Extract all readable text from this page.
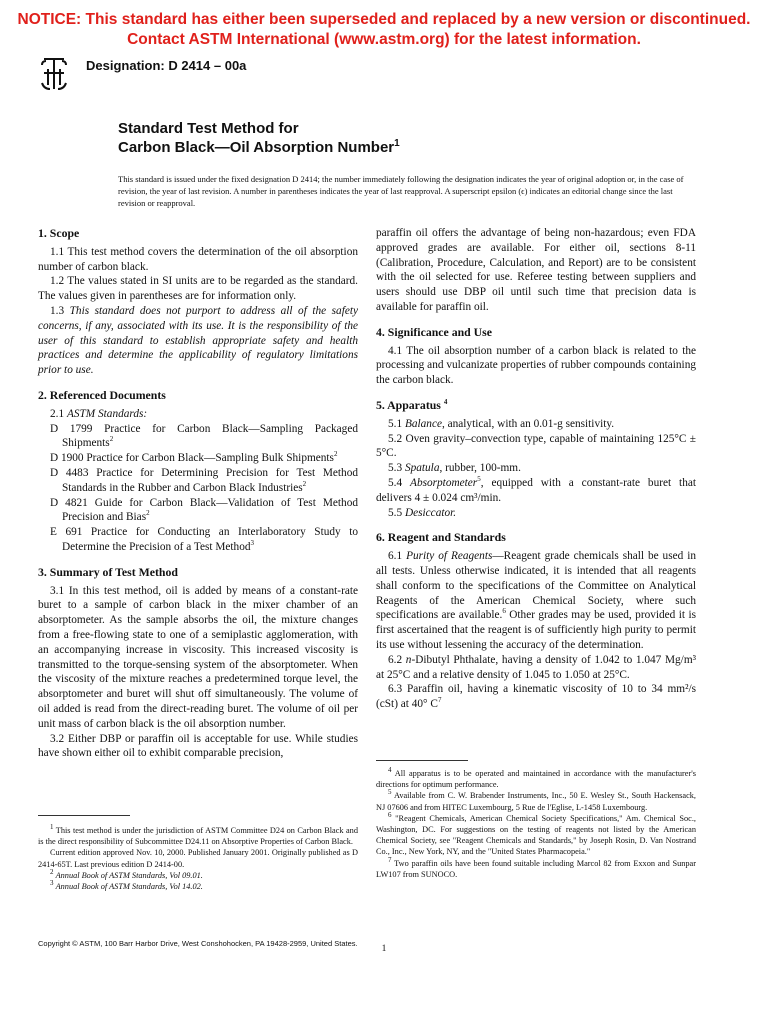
NOTICE: This standard has either been superseded and replaced by a new version or discontinued.
Contact ASTM International (www.astm.org) for the latest information.
Designation: D 2414 – 00a
Standard Test Method for
Carbon Black—Oil Absorption Number$^1$
This standard is issued under the fixed designation D 2414; the number immediately following the designation indicates the year of original adoption or, in the case of revision, the year of last revision. A number in parentheses indicates the year of last reapproval. A superscript epsilon (ϵ) indicates an editorial change since the last revision or reapproval.

1. Scope

1.1 This test method covers the determination of the oil absorption number of carbon black.

1.2 The values stated in SI units are to be regarded as the standard. The values given in parentheses are for information only.

1.3 This standard does not purport to address all of the safety concerns, if any, associated with its use. It is the responsibility of the user of this standard to establish appropriate safety and health practices and determine the applicability of regulatory limitations prior to use.

2. Referenced Documents

2.1 ASTM Standards:

D 1799 Practice for Carbon Black—Sampling Packaged Shipments$^2$

D 1900 Practice for Carbon Black—Sampling Bulk Shipments$^2$

D 4483 Practice for Determining Precision for Test Method Standards in the Rubber and Carbon Black Industries$^2$

D 4821 Guide for Carbon Black—Validation of Test Method Precision and Bias$^2$

E 691 Practice for Conducting an Interlaboratory Study to Determine the Precision of a Test Method$^3$

3. Summary of Test Method

3.1 In this test method, oil is added by means of a constant-rate buret to a sample of carbon black in the mixer chamber of an absorptometer. As the sample absorbs the oil, the mixture changes from a free-flowing state to one of a semiplastic agglomeration, with an accompanying increase in viscosity. This increased viscosity is transmitted to the torque-sensing system of the absorptometer. When the viscosity of the mixture reaches a predetermined torque level, the absorptometer and buret will shut off simultaneously. The volume of oil added is read from the direct-reading buret. The volume of oil per unit mass of carbon black is the oil absorption number.

3.2 Either DBP or paraffin oil is acceptable for use. While studies have shown either oil to exhibit comparable precision,

$^1$ This test method is under the jurisdiction of ASTM Committee D24 on Carbon Black and is the direct responsibility of Subcommittee D24.11 on Absorptive Properties of Carbon Black.

Current edition approved Nov. 10, 2000. Published January 2001. Originally published as D 2414-65T. Last previous edition D 2414-00.

$^2$ Annual Book of ASTM Standards, Vol 09.01.

$^3$ Annual Book of ASTM Standards, Vol 14.02.

paraffin oil offers the advantage of being non-hazardous; even FDA approved grades are available. For either oil, sections 8-11 (Calibration, Procedure, Calculation, and Report) are to be consistent with the oil selected for use. Referee testing between suppliers and users should use DBP oil until such time that precision data is available for paraffin oil.

4. Significance and Use

4.1 The oil absorption number of a carbon black is related to the processing and vulcanizate properties of rubber compounds containing the carbon black.

5. Apparatus $^4$

5.1 Balance, analytical, with an 0.01-g sensitivity.

5.2 Oven gravity–convection type, capable of maintaining 125°C ± 5°C.

5.3 Spatula, rubber, 100-mm.

5.4 Absorptometer$^5$, equipped with a constant-rate buret that delivers 4 ± 0.024 cm³/min.

5.5 Desiccator.

6. Reagent and Standards

6.1 Purity of Reagents—Reagent grade chemicals shall be used in all tests. Unless otherwise indicated, it is intended that all reagents shall conform to the specifications of the Committee on Analytical Reagents of the American Chemical Society, where such specifications are available.$^6$ Other grades may be used, provided it is first ascertained that the reagent is of sufficiently high purity to permit its use without lessening the accuracy of the determination.

6.2 n-Dibutyl Phthalate, having a density of 1.042 to 1.047 Mg/m³ at 25°C and a relative density of 1.045 to 1.050 at 25°C.

6.3 Paraffin oil, having a kinematic viscosity of 10 to 34 mm²/s (cSt) at 40° $C^7$

$^4$ All apparatus is to be operated and maintained in accordance with the manufacturer's directions for optimum performance.

$^5$ Available from C. W. Brabender Instruments, Inc., 50 E. Wesley St., South Hackensack, NJ 07606 and from HITEC Luxembourg, 5 Rue de l'Eglise, L-1458 Luxembourg.

$^6$ "Reagent Chemicals, American Chemical Society Specifications," Am. Chemical Soc., Washington, DC. For suggestions on the testing of reagents not listed by the American Chemical Society, see "Reagent Chemicals and Standards," by Joseph Rosin, D. Van Nostrand Co., Inc., New York, NY, and the "United States Pharmacopeia."

$^7$ Two paraffin oils have been found suitable including Marcol 82 from Exxon and Sunpar LW107 from SUNOCO.

Copyright © ASTM, 100 Barr Harbor Drive, West Conshohocken, PA 19428-2959, United States.
1
